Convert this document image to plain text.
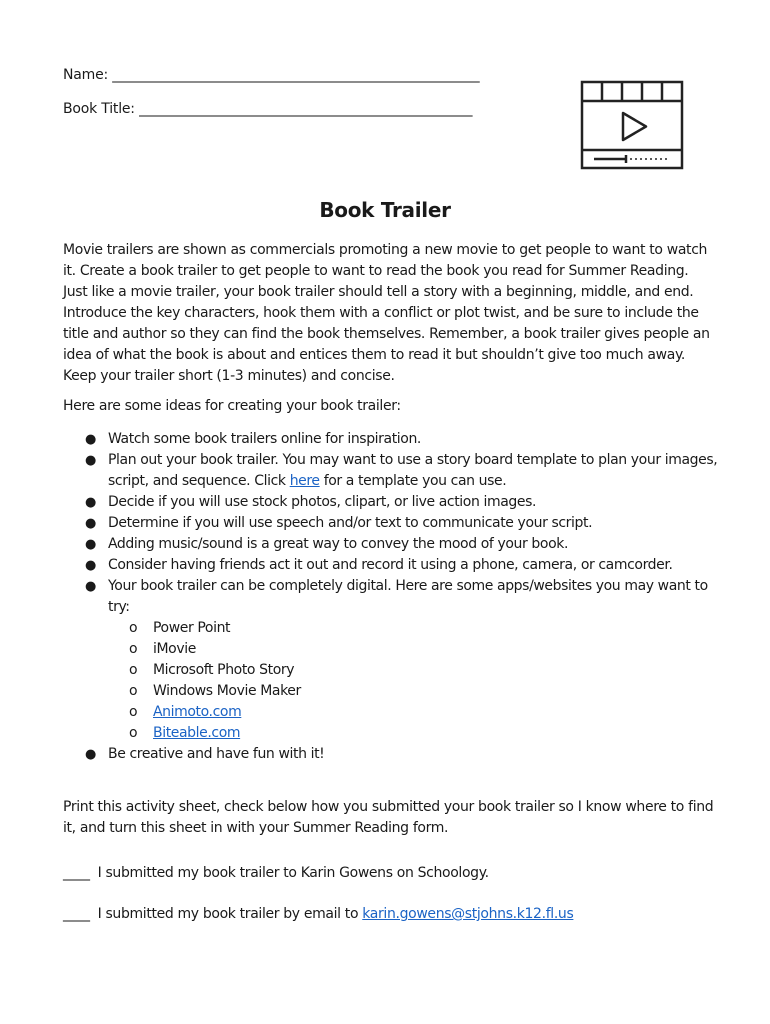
Name: ______________________________________________________
Book Title: _________________________________________________
Book Trailer

Movie trailers are shown as commercials promoting a new movie to get people to want to watch it. Create a book trailer to get people to want to read the book you read for Summer Reading. Just like a movie trailer, your book trailer should tell a story with a beginning, middle, and end. Introduce the key characters, hook them with a conflict or plot twist, and be sure to include the title and author so they can find the book themselves. Remember, a book trailer gives people an idea of what the book is about and entices them to read it but shouldn’t give too much away. Keep your trailer short (1-3 minutes) and concise.

Here are some ideas for creating your book trailer:

● Watch some book trailers online for inspiration.
● Plan out your book trailer. You may want to use a story board template to plan your images, script, and sequence. Click here for a template you can use.
● Decide if you will use stock photos, clipart, or live action images.
● Determine if you will use speech and/or text to communicate your script.
● Adding music/sound is a great way to convey the mood of your book.
● Consider having friends act it out and record it using a phone, camera, or camcorder.
● Your book trailer can be completely digital. Here are some apps/websites you may want to try:
o Power Point
o iMovie
o Microsoft Photo Story
o Windows Movie Maker
o Animoto.com
o Biteable.com
● Be creative and have fun with it!

Print this activity sheet, check below how you submitted your book trailer so I know where to find it, and turn this sheet in with your Summer Reading form.

____ I submitted my book trailer to Karin Gowens on Schoology.
____ I submitted my book trailer by email to karin.gowens@stjohns.k12.fl.us
